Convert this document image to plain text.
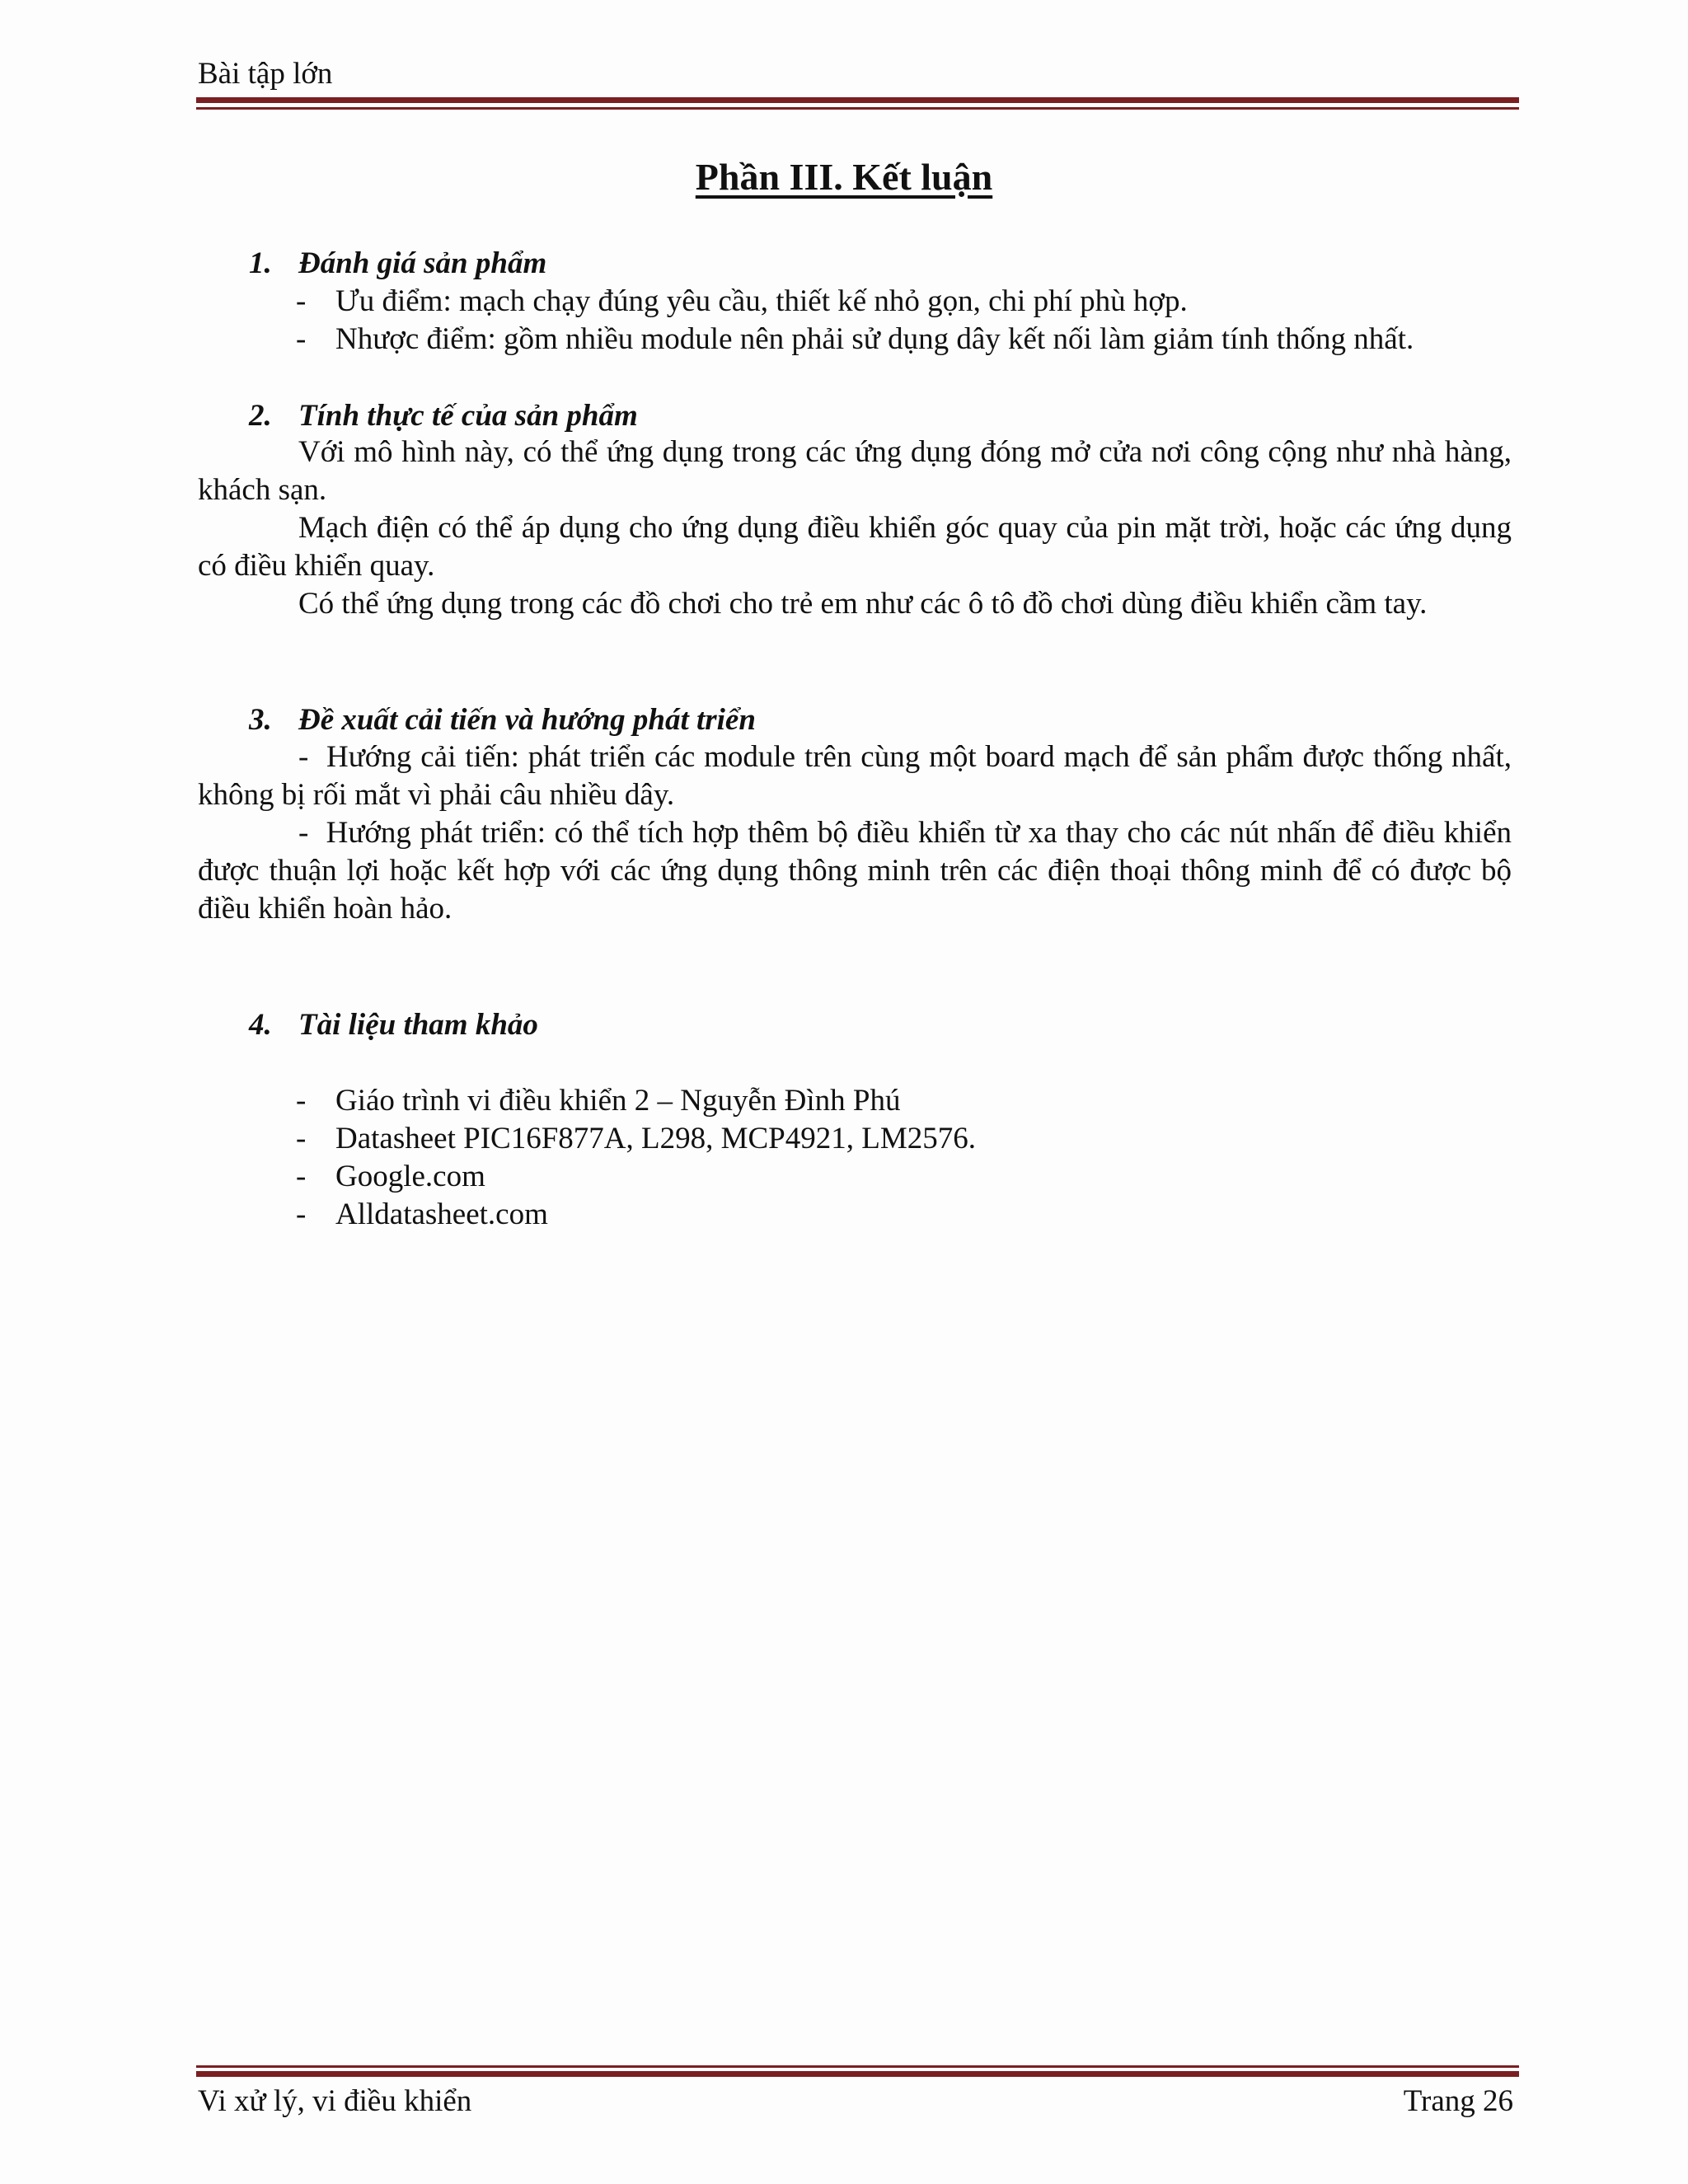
Bài tập lớn
Phần III. Kết luận
1. Đánh giá sản phẩm
- Ưu điểm: mạch chạy đúng yêu cầu, thiết kế nhỏ gọn, chi phí phù hợp.
- Nhược điểm: gồm nhiều module nên phải sử dụng dây kết nối làm giảm tính thống nhất.
2. Tính thực tế của sản phẩm
Với mô hình này, có thể ứng dụng trong các ứng dụng đóng mở cửa nơi công cộng như nhà hàng, khách sạn.
Mạch điện có thể áp dụng cho ứng dụng điều khiển góc quay của pin mặt trời, hoặc các ứng dụng có điều khiển quay.
Có thể ứng dụng trong các đồ chơi cho trẻ em như các ô tô đồ chơi dùng điều khiển cầm tay.
3. Đề xuất cải tiến và hướng phát triển
- Hướng cải tiến: phát triển các module trên cùng một board mạch để sản phẩm được thống nhất, không bị rối mắt vì phải câu nhiều dây.
- Hướng phát triển: có thể tích hợp thêm bộ điều khiển từ xa thay cho các nút nhấn để điều khiển được thuận lợi hoặc kết hợp với các ứng dụng thông minh trên các điện thoại thông minh để có được bộ điều khiển hoàn hảo.
4. Tài liệu tham khảo
- Giáo trình vi điều khiển 2 – Nguyễn Đình Phú
- Datasheet PIC16F877A, L298, MCP4921, LM2576.
- Google.com
- Alldatasheet.com
Vi xử lý, vi điều khiển	Trang 26
